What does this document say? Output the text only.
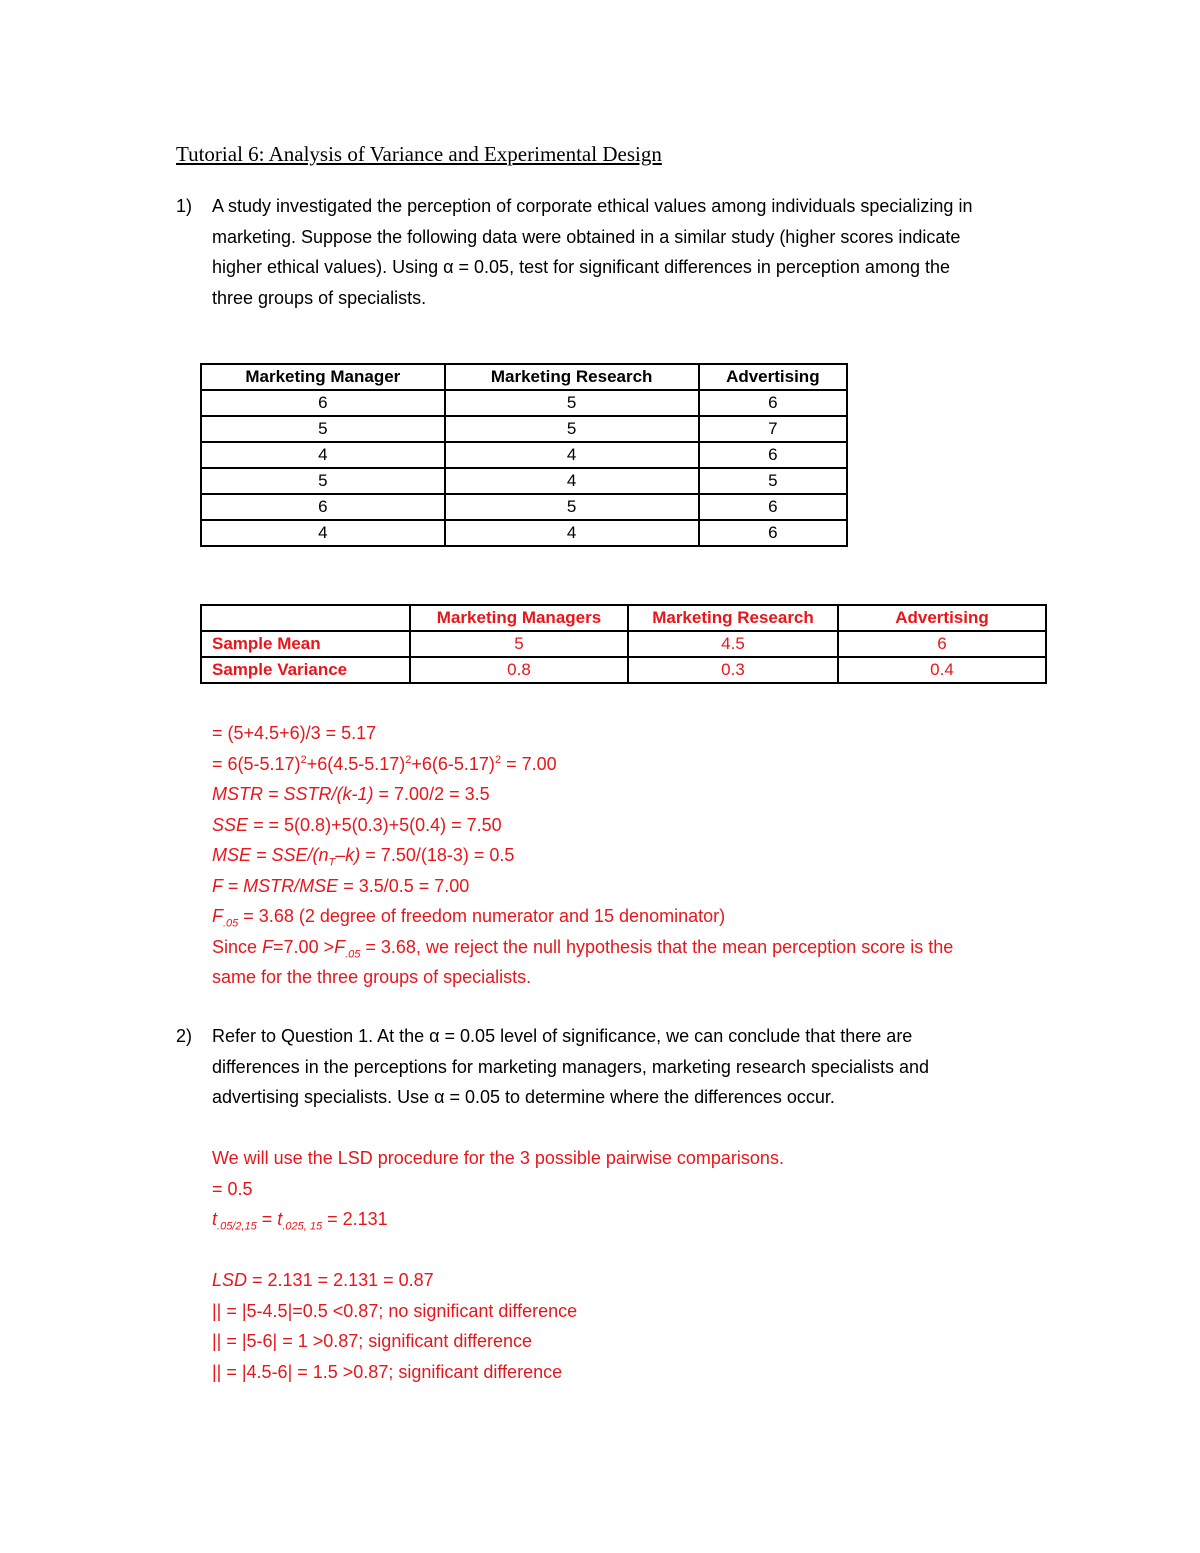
Tutorial 6: Analysis of Variance and Experimental Design
1) A study investigated the perception of corporate ethical values among individuals specializing in
marketing. Suppose the following data were obtained in a similar study (higher scores indicate
higher ethical values). Using α = 0.05, test for significant differences in perception among the
three groups of specialists.
Marketing Manager	Marketing Research	Advertising
6	5	6
5	5	7
4	4	6
5	4	5
6	5	6
4	4	6
	Marketing Managers	Marketing Research	Advertising
Sample Mean	5	4.5	6
Sample Variance	0.8	0.3	0.4
= (5+4.5+6)/3 = 5.17
= $6(5-5.17)^2+6(4.5-5.17)^2+6(6-5.17)^2 = 7.00$
MSTR = SSTR/(k-1) = 7.00/2 = 3.5
SSE = = 5(0.8)+5(0.3)+5(0.4) = 7.50
MSE = SSE/$(n_T-k) = 7.50/(18-3) = 0.5$
F = MSTR/MSE = 3.5/0.5 = 7.00
$F_{.05} = 3.68$ (2 degree of freedom numerator and 15 denominator)
Since $F=7.00 >F_{.05} = 3.68$, we reject the null hypothesis that the mean perception score is the
same for the three groups of specialists.
2) Refer to Question 1. At the α = 0.05 level of significance, we can conclude that there are
differences in the perceptions for marketing managers, marketing research specialists and
advertising specialists. Use α = 0.05 to determine where the differences occur.
We will use the LSD procedure for the 3 possible pairwise comparisons.
= 0.5
$t_{.05/2,15} = t_{.025, 15} = 2.131$
LSD = 2.131 = 2.131 = 0.87
|| = |5-4.5|=0.5 <0.87; no significant difference
|| = |5-6| = 1 >0.87; significant difference
|| = |4.5-6| = 1.5 >0.87; significant difference
